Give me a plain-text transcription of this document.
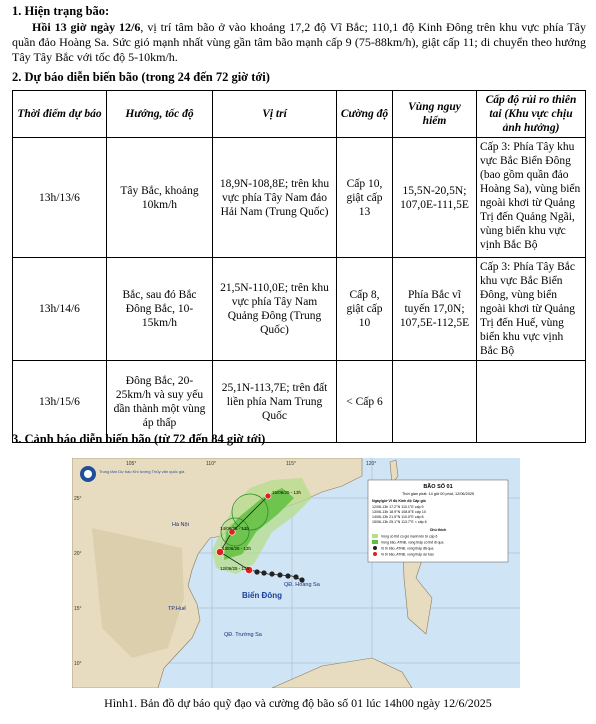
1. Hiện trạng bão:
Hồi 13 giờ ngày 12/6, vị trí tâm bão ở vào khoảng 17,2 độ Vĩ Bắc; 110,1 độ Kinh Đông trên khu vực phía Tây quần đảo Hoàng Sa. Sức gió mạnh nhất vùng gần tâm bão mạnh cấp 9 (75-88km/h), giật cấp 11; di chuyển theo hướng Tây Tây Bắc với tốc độ 5-10km/h.
2. Dự báo diễn biến bão (trong 24 đến 72 giờ tới)
Thời điểm dự báo	Hướng, tốc độ	Vị trí	Cường độ	Vùng nguy hiểm	Cấp độ rủi ro thiên tai (Khu vực chịu ảnh hưởng)
13h/13/6	Tây Bắc, khoảng 10km/h	18,9N-108,8E; trên khu vực phía Tây Nam đảo Hải Nam (Trung Quốc)	Cấp 10, giật cấp 13	15,5N-20,5N; 107,0E-111,5E	Cấp 3: Phía Tây khu vực Bắc Biển Đông (bao gồm quần đảo Hoàng Sa), vùng biển ngoài khơi từ Quảng Trị đến Quảng Ngãi, vùng biển khu vực vịnh Bắc Bộ
13h/14/6	Bắc, sau đó Bắc Đông Bắc, 10-15km/h	21,5N-110,0E; trên khu vực phía Tây Nam Quảng Đông (Trung Quốc)	Cấp 8, giật cấp 10	Phía Bắc vĩ tuyến 17,0N; 107,5E-112,5E	Cấp 3: Phía Tây Bắc khu vực Bắc Biển Đông, vùng biển ngoài khơi từ Quảng Trị đến Huế, vùng biển khu vực vịnh Bắc Bộ
13h/15/6	Đông Bắc, 20-25km/h và suy yếu dần thành một vùng áp thấp	25,1N-113,7E; trên đất liền phía Nam Trung Quốc	< Cấp 6		
3. Cảnh báo diễn biến bão (từ 72 đến 84 giờ tới)
Hà Nội
TP.Huế
QĐ. Hoàng Sa
QĐ. Trường Sa
Biển Đông
12/06/25 - 13h
13/06/25 - 13h
14/06/25 - 13h
15/06/25 - 13h
25°
20°
15°
10°
105°	110°	115°	120°
Trung tâm Dự báo Khí tượng Thủy văn quốc gia
BÃO SỐ 01
Thời gian phát: 14 giờ 00 phút, 12/06/2025
Ngày/giờ Vĩ độ Kinh độ Cấp gió
12/06-13h 17.2°N 110.1°E cấp 9
13/06-13h 18.9°N 108.8°E cấp 10
14/06-13h 21.5°N 110.0°E cấp 8
15/06-13h 25.1°N 113.7°E < cấp 6
Chú thích
Vùng có thể có gió mạnh lên từ cấp 6
Vùng bão, ATNĐ, vùng thấp có thể đi qua
Vị trí bão, ATNĐ, vùng thấp đã qua
Vị trí bão, ATNĐ, vùng thấp dự báo
Hình1. Bản đồ dự báo quỹ đạo và cường độ bão số 01 lúc 14h00 ngày 12/6/2025
